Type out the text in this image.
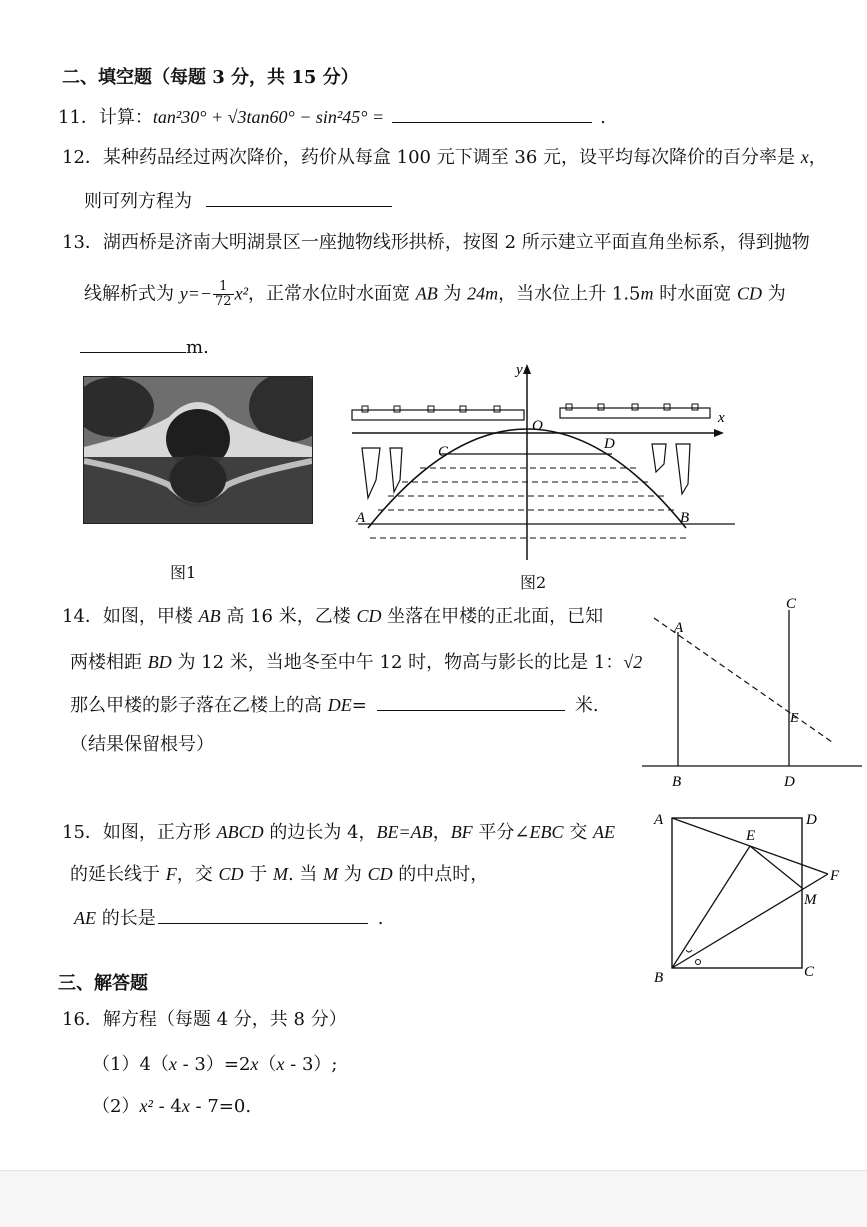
二、填空题（每题 3 分，共 15 分）
11．计算：tan²30° + √3tan60° − sin²45° =	.
12．某种药品经过两次降价，药价从每盒 100 元下调至 36 元，设平均每次降价的百分率是 x，
则可列方程为
13．湖西桥是济南大明湖景区一座抛物线形拱桥，按图 2 所示建立平面直角坐标系，得到抛物
线解析式为 $y=- \frac{1}{72} x^2$，正常水位时水面宽 AB 为 24m，当水位上升 1.5m 时水面宽 CD 为
m.
图1
y
x
O
C	D
A	B
图2
14．如图，甲楼 AB 高 16 米，乙楼 CD 坐落在甲楼的正北面，已知
两楼相距 BD 为 12 米，当地冬至中午 12 时，物高与影长的比是 1：√2
那么甲楼的影子落在乙楼上的高 DE=	米.
（结果保留根号）
A
C
E
B	D
15．如图，正方形 ABCD 的边长为 4，BE=AB，BF 平分∠EBC 交 AE
的延长线于 F，交 CD 于 M. 当 M 为 CD 的中点时，
AE 的长是	.
A	D
E
F
M
B	C
三、解答题
16．解方程（每题 4 分，共 8 分）
（1）4（x - 3）=2x（x - 3）;
（2）x² - 4x - 7=0.
